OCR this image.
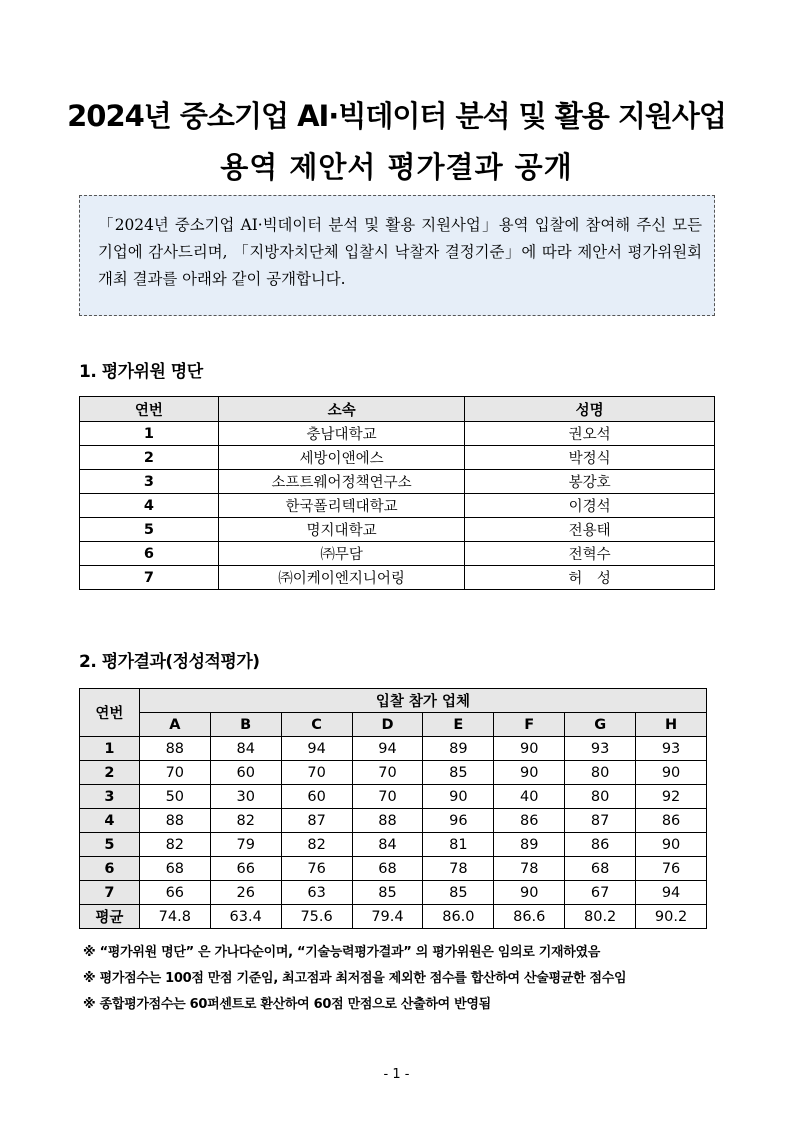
2024년 중소기업 AI·빅데이터 분석 및 활용 지원사업
용역 제안서 평가결과 공개
「2024년 중소기업 AI·빅데이터 분석 및 활용 지원사업」용역 입찰에 참여해 주신 모든 기업에 감사드리며, 「지방자치단체 입찰시 낙찰자 결정기준」에 따라 제안서 평가위원회 개최 결과를 아래와 같이 공개합니다.
1. 평가위원 명단
연번	소속	성명
1	충남대학교	권오석
2	세방이앤에스	박정식
3	소프트웨어정책연구소	봉강호
4	한국폴리텍대학교	이경석
5	명지대학교	전용태
6	㈜무담	전혁수
7	㈜이케이엔지니어링	허　성
2. 평가결과(정성적평가)
연번	입찰 참가 업체							
	A	B	C	D	E	F	G	H
1	88	84	94	94	89	90	93	93
2	70	60	70	70	85	90	80	90
3	50	30	60	70	90	40	80	92
4	88	82	87	88	96	86	87	86
5	82	79	82	84	81	89	86	90
6	68	66	76	68	78	78	68	76
7	66	26	63	85	85	90	67	94
평균	74.8	63.4	75.6	79.4	86.0	86.6	80.2	90.2
※ “평가위원 명단” 은 가나다순이며, “기술능력평가결과” 의 평가위원은 임의로 기재하였음
※ 평가점수는 100점 만점 기준임, 최고점과 최저점을 제외한 점수를 합산하여 산술평균한 점수임
※ 종합평가점수는 60퍼센트로 환산하여 60점 만점으로 산출하여 반영됨
- 1 -
